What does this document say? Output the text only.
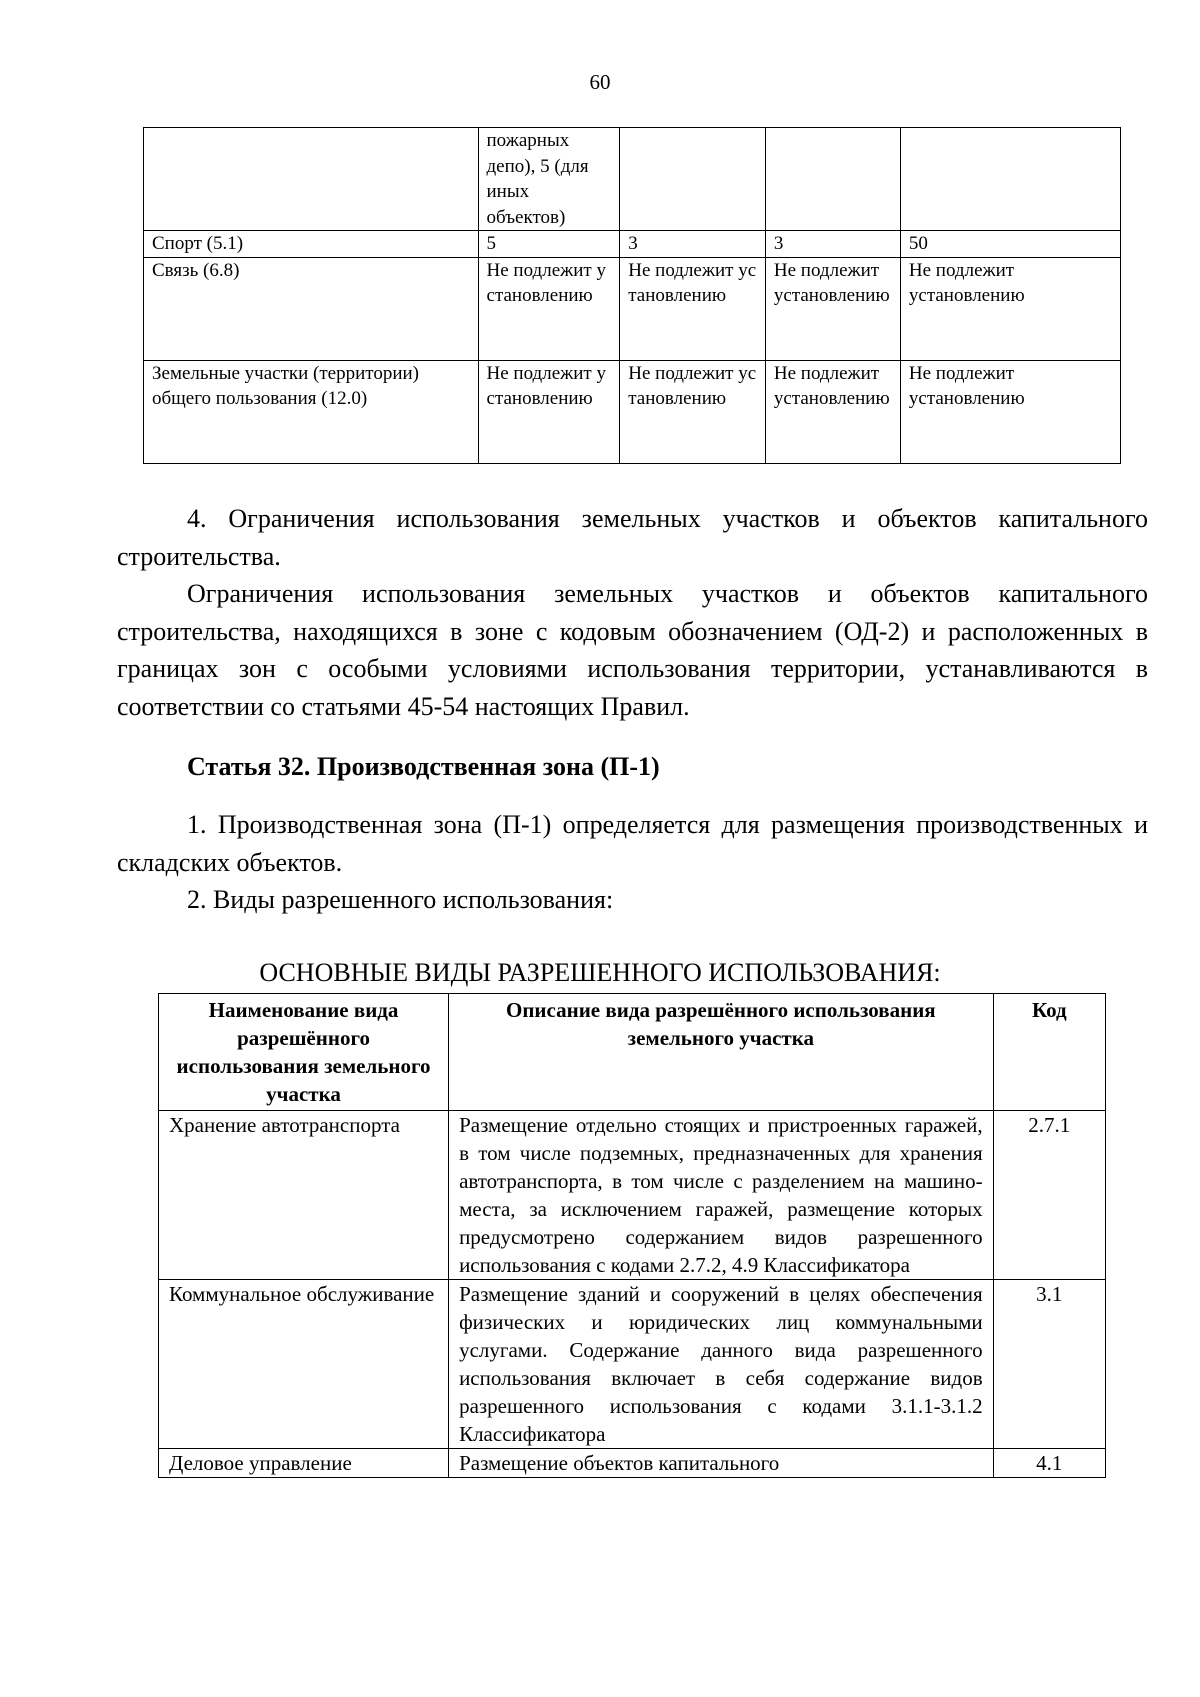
60
	пожарных депо), 5 (для иных объектов)			
Спорт (5.1)	5	3	3	50
Связь (6.8)	Не подлежит установлению	Не подлежит установлению	Не подлежит установлению	Не подлежит установлению
Земельные участки (территории) общего пользования (12.0)	Не подлежит установлению	Не подлежит установлению	Не подлежит установлению	Не подлежит установлению
4. Ограничения использования земельных участков и объектов капитального строительства.
Ограничения использования земельных участков и объектов капитального строительства, находящихся в зоне с кодовым обозначением (ОД-2) и расположенных в границах зон с особыми условиями использования территории, устанавливаются в соответствии со статьями 45-54 настоящих Правил.
Статья 32. Производственная зона (П-1)
1. Производственная зона (П-1) определяется для размещения производственных и складских объектов.
2. Виды разрешенного использования:
ОСНОВНЫЕ ВИДЫ РАЗРЕШЕННОГО ИСПОЛЬЗОВАНИЯ:
Наименование вида разрешённого использования земельного участка	Описание вида разрешённого использования земельного участка	Код
Хранение автотранспорта	Размещение отдельно стоящих и пристроенных гаражей, в том числе подземных, предназначенных для хранения автотранспорта, в том числе с разделением на машино-места, за исключением гаражей, размещение которых предусмотрено содержанием видов разрешенного использования с кодами 2.7.2, 4.9 Классификатора	2.7.1
Коммунальное обслуживание	Размещение зданий и сооружений в целях обеспечения физических и юридических лиц коммунальными услугами. Содержание данного вида разрешенного использования включает в себя содержание видов разрешенного использования с кодами 3.1.1-3.1.2 Классификатора	3.1
Деловое управление	Размещение объектов капитального	4.1
